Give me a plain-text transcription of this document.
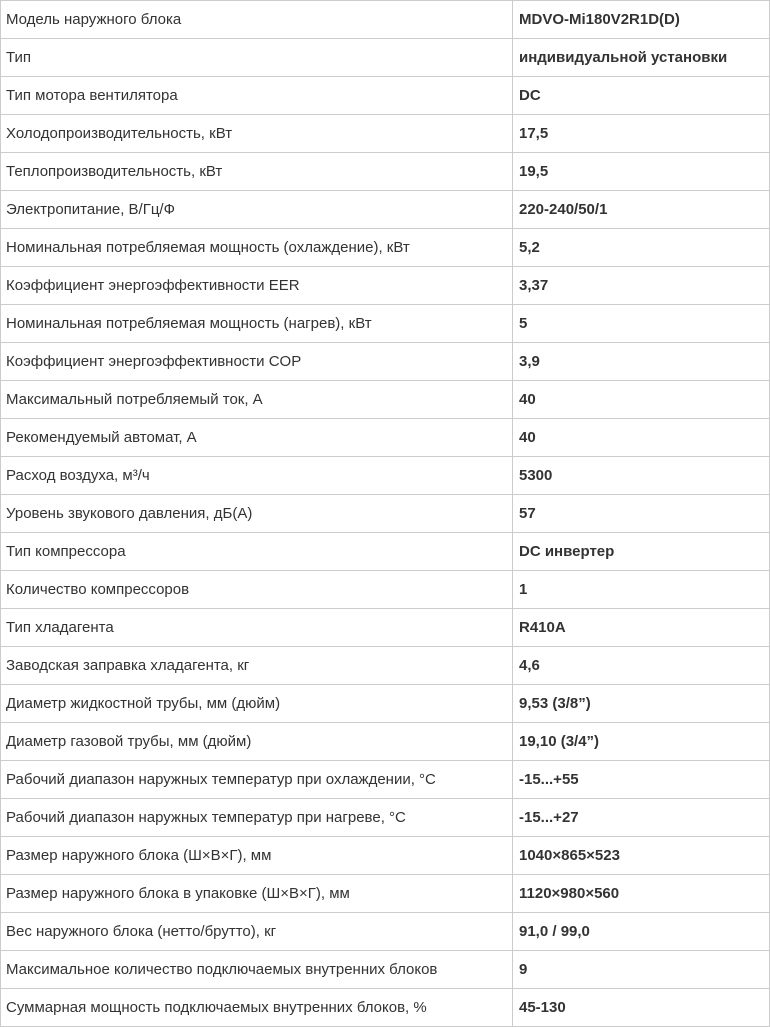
Модель наружного блока	MDVO-Mi180V2R1D(D)
Тип	индивидуальной установки
Тип мотора вентилятора	DC
Холодопроизводительность, кВт	17,5
Теплопроизводительность, кВт	19,5
Электропитание, В/Гц/Ф	220-240/50/1
Номинальная потребляемая мощность (охлаждение), кВт	5,2
Коэффициент энергоэффективности EER	3,37
Номинальная потребляемая мощность (нагрев), кВт	5
Коэффициент энергоэффективности COP	3,9
Максимальный потребляемый ток, А	40
Рекомендуемый автомат, А	40
Расход воздуха, м³/ч	5300
Уровень звукового давления, дБ(А)	57
Тип компрессора	DC инвертер
Количество компрессоров	1
Тип хладагента	R410A
Заводская заправка хладагента, кг	4,6
Диаметр жидкостной трубы, мм (дюйм)	9,53 (3/8”)
Диаметр газовой трубы, мм (дюйм)	19,10 (3/4”)
Рабочий диапазон наружных температур при охлаждении, °С	-15...+55
Рабочий диапазон наружных температур при нагреве, °С	-15...+27
Размер наружного блока (Ш×В×Г), мм	1040×865×523
Размер наружного блока в упаковке (Ш×В×Г), мм	1120×980×560
Вес наружного блока (нетто/брутто), кг	91,0 / 99,0
Максимальное количество подключаемых внутренних блоков	9
Суммарная мощность подключаемых внутренних блоков, %	45-130
